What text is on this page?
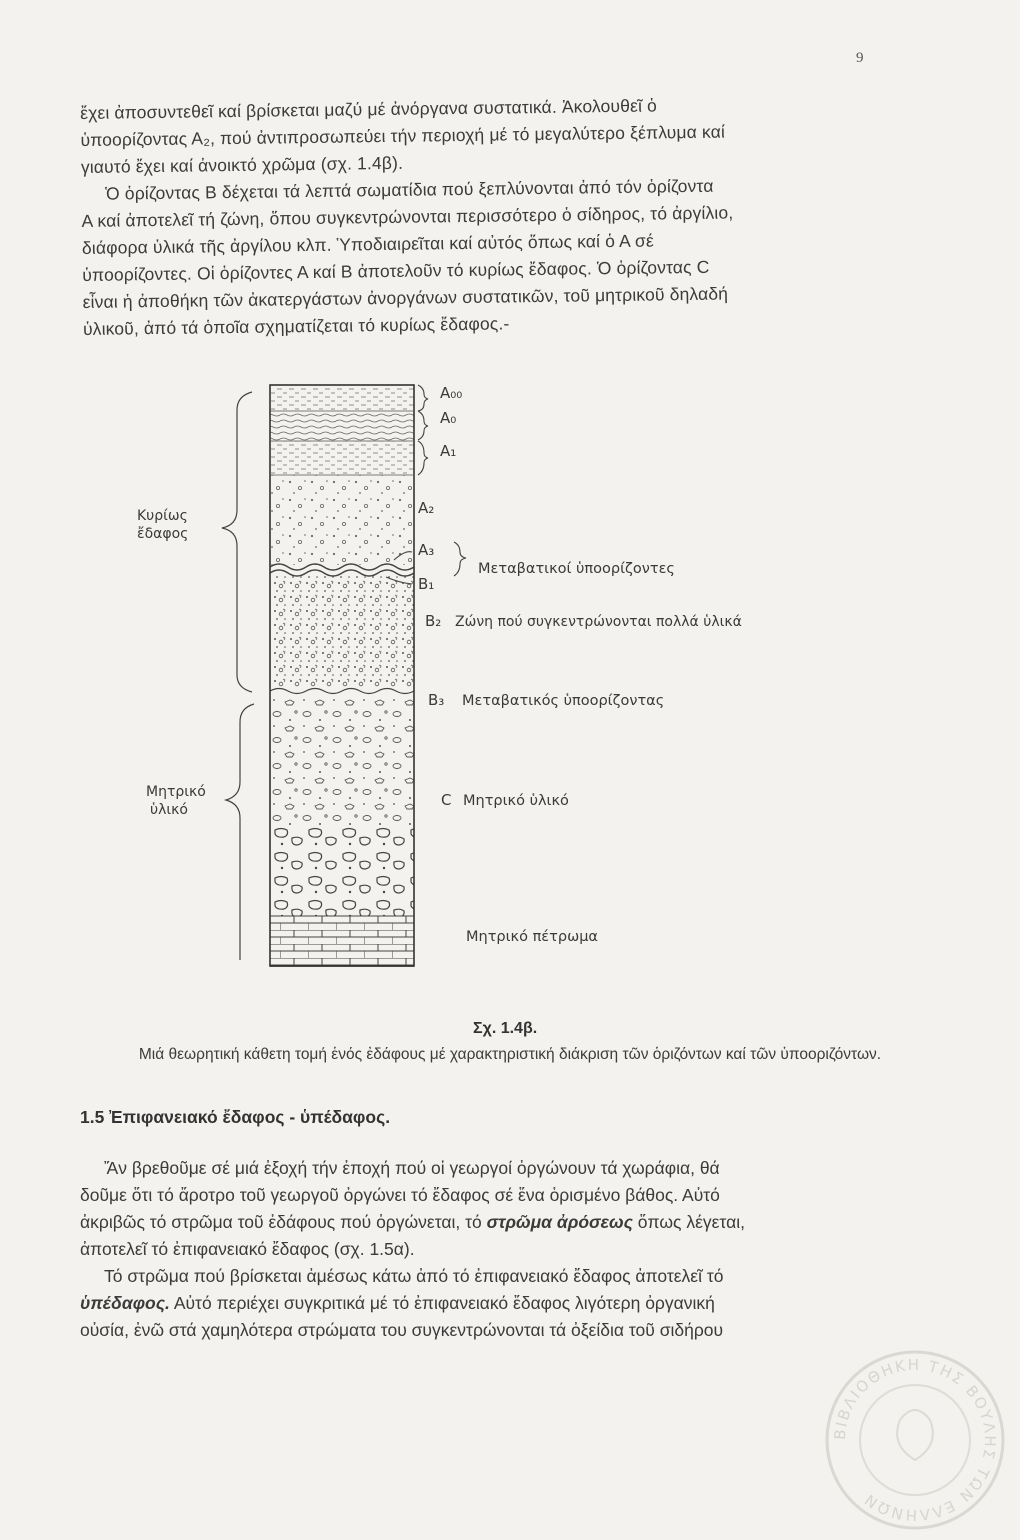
9

ἔχει ἀποσυντεθεῖ καί βρίσκεται μαζύ μέ ἀνόργανα συστατικά. Ἀκολουθεῖ ὁ
ὑποορίζοντας Α₂, πού ἀντιπροσωπεύει τήν περιοχή μέ τό μεγαλύτερο ξέπλυμα καί
γιαυτό ἔχει καί ἀνοικτό χρῶμα (σχ. 1.4β).

Ὁ ὁρίζοντας Β δέχεται τά λεπτά σωματίδια πού ξεπλύνονται ἀπό τόν ὁρίζοντα
Α καί ἀποτελεῖ τή ζώνη, ὅπου συγκεντρώνονται περισσότερο ὁ σίδηρος, τό ἀργίλιο,
διάφορα ὑλικά τῆς ἀργίλου κλπ. Ὑποδιαιρεῖται καί αὐτός ὅπως καί ὁ Α σέ
ὑποορίζοντες. Οἱ ὁρίζοντες Α καί Β ἀποτελοῦν τό κυρίως ἔδαφος. Ὁ ὁρίζοντας C
εἶναι ἡ ἀποθήκη τῶν ἀκατεργάστων ἀνοργάνων συστατικῶν, τοῦ μητρικοῦ δηλαδή
ὑλικοῦ, ἀπό τά ὁποῖα σχηματίζεται τό κυρίως ἔδαφος.-

Κυρίως
ἔδαφος
Μητρικό
ὑλικό
Α₀₀
Α₀
Α₁
Α₂
Α₃
Β₁
Μεταβατικοί ὑποορίζοντες
Β₂ Ζώνη πού συγκεντρώνονται πολλά ὑλικά
Β₃ Μεταβατικός ὑποορίζοντας
C Μητρικό ὑλικό
Μητρικό πέτρωμα
Σχ. 1.4β.
Μιά θεωρητική κάθετη τομή ἑνός ἐδάφους μέ χαρακτηριστική διάκριση τῶν ὁριζόντων καί τῶν ὑποοριζόντων.
1.5 Ἐπιφανειακό ἔδαφος - ὑπέδαφος.

Ἄν βρεθοῦμε σέ μιά ἐξοχή τήν ἐποχή πού οἱ γεωργοί ὀργώνουν τά χωράφια, θά
δοῦμε ὅτι τό ἄροτρο τοῦ γεωργοῦ ὀργώνει τό ἔδαφος σέ ἕνα ὁρισμένο βάθος. Αὐτό
ἀκριβῶς τό στρῶμα τοῦ ἐδάφους πού ὀργώνεται, τό στρῶμα ἀρόσεως ὅπως λέγεται,
ἀποτελεῖ τό ἐπιφανειακό ἔδαφος (σχ. 1.5α).

Τό στρῶμα πού βρίσκεται ἀμέσως κάτω ἀπό τό ἐπιφανειακό ἔδαφος ἀποτελεῖ τό
ὑπέδαφος. Αὐτό περιέχει συγκριτικά μέ τό ἐπιφανειακό ἔδαφος λιγότερη ὀργανική
οὐσία, ἐνῶ στά χαμηλότερα στρώματα του συγκεντρώνονται τά ὀξείδια τοῦ σιδήρου

ΒΙΒΛΙΟΘΗΚΗ ΤΗΣ ΒΟΥΛΗΣ ΤΩΝ ΕΛΛΗΝΩΝ
